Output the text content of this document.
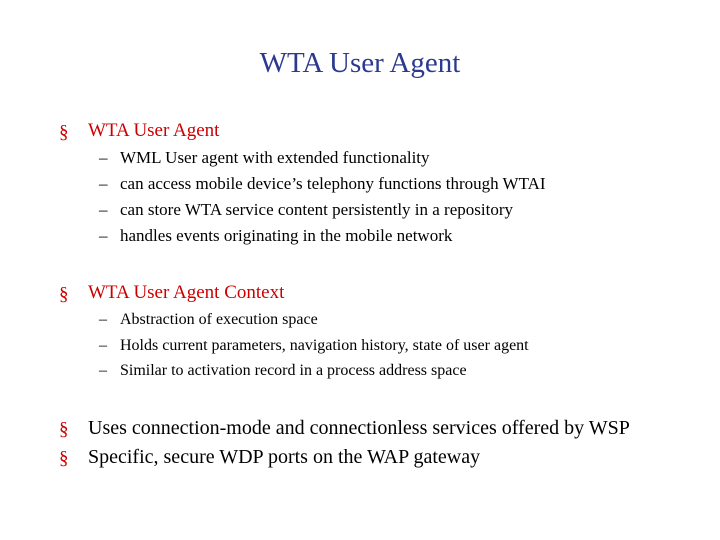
WTA User Agent
§ WTA User Agent
– WML User agent with extended functionality
– can access mobile device’s telephony functions through WTAI
– can store WTA service content persistently in a repository
– handles events originating in the mobile network
§ WTA User Agent Context
– Abstraction of execution space
– Holds current parameters, navigation history, state of user agent
– Similar to activation record in a process address space
§ Uses connection-mode and connectionless services offered by WSP
§ Specific, secure WDP ports on the WAP gateway
